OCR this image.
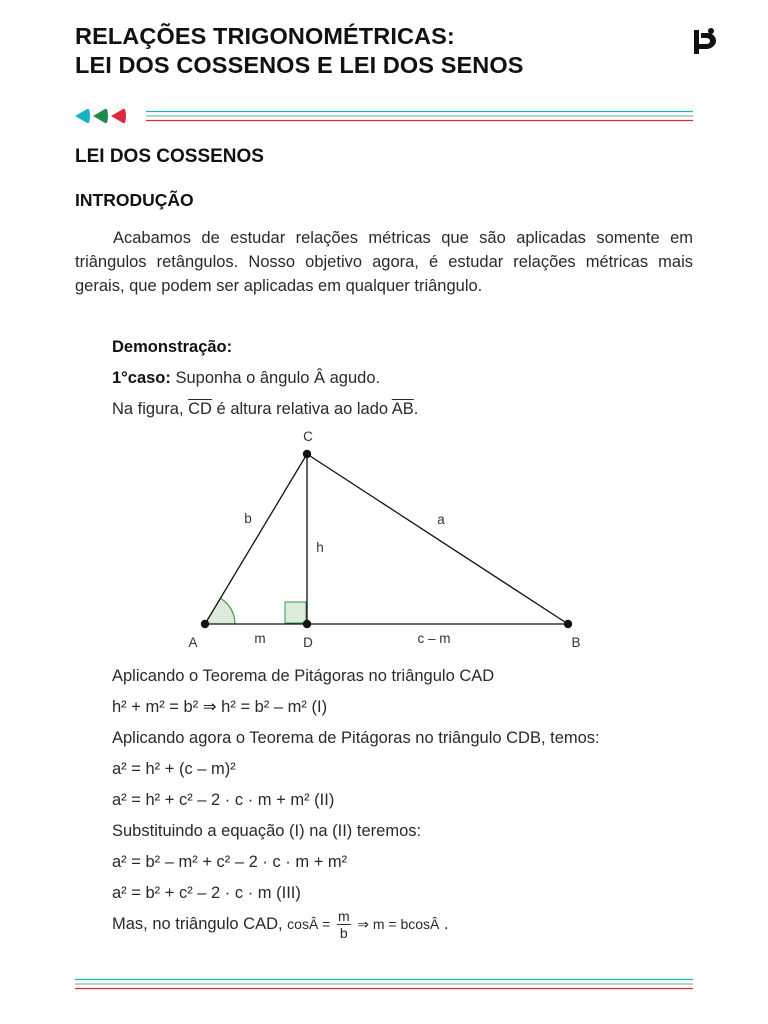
RELAÇÕES TRIGONOMÉTRICAS:
LEI DOS COSSENOS E LEI DOS SENOS
LEI DOS COSSENOS
INTRODUÇÃO

Acabamos de estudar relações métricas que são aplicadas somente em triângulos retângulos. Nosso objetivo agora, é estudar relações métricas mais gerais, que podem ser aplicadas em qualquer triângulo.

Demonstração:

1°caso: Suponha o ângulo Â agudo.

Na figura, $\overline{CD}$ é altura relativa ao lado $\overline{AB}$.

C
A	D	B
b	a
h
m	c – m

Aplicando o Teorema de Pitágoras no triângulo CAD

h² + m² = b² ⇒ h² = b² – m² (I)

Aplicando agora o Teorema de Pitágoras no triângulo CDB, temos:

a² = h² + (c – m)²

a² = h² + c² – 2 · c · m + m² (II)

Substituindo a equação (I) na (II) teremos:

a² = b² – m² + c² – 2 · c · m + m²

a² = b² + c² – 2 · c · m (III)

Mas, no triângulo CAD, cosÂ = $\frac{m}{b}$ ⇒ m = bcosÂ .
